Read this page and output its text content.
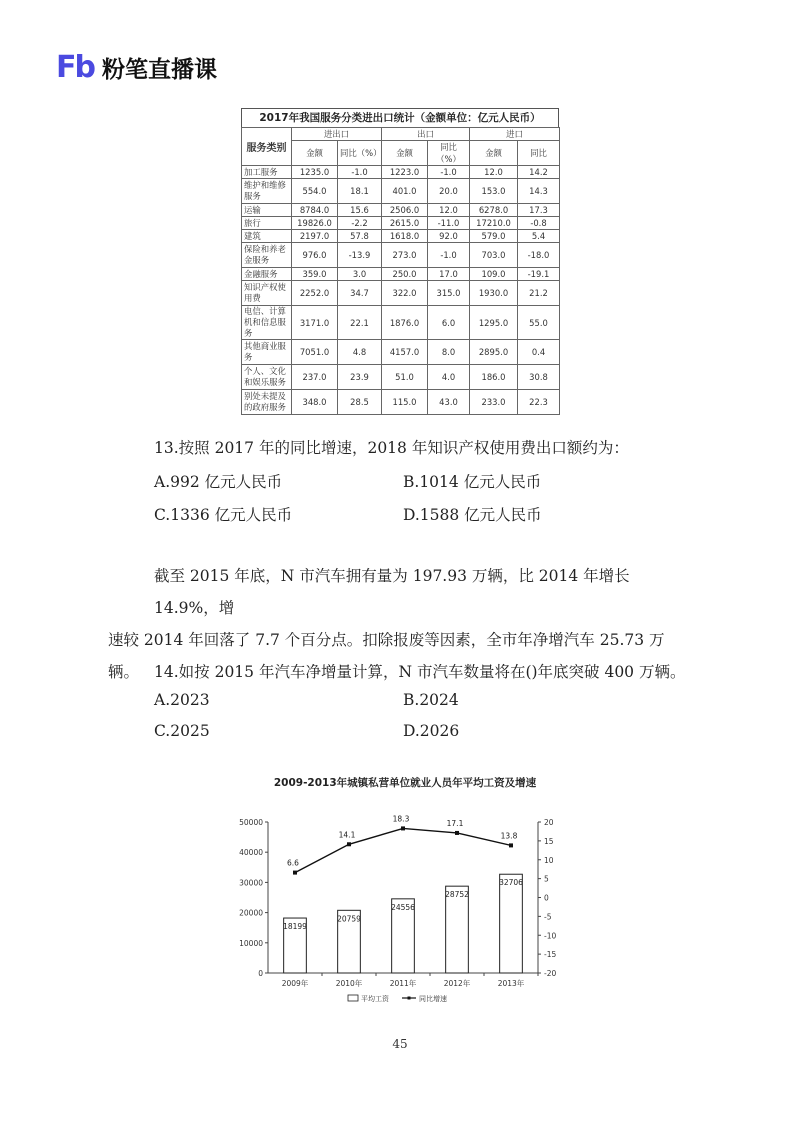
Fb 粉笔直播课
2017年我国服务分类进出口统计（金额单位：亿元人民币）
服务类别	进出口		出口		进口	
	金额	同比（%）	金额	同比（%）	金额	同比
加工服务	1235.0	-1.0	1223.0	-1.0	12.0	14.2
维护和维修服务	554.0	18.1	401.0	20.0	153.0	14.3
运输	8784.0	15.6	2506.0	12.0	6278.0	17.3
旅行	19826.0	-2.2	2615.0	-11.0	17210.0	-0.8
建筑	2197.0	57.8	1618.0	92.0	579.0	5.4
保险和养老金服务	976.0	-13.9	273.0	-1.0	703.0	-18.0
金融服务	359.0	3.0	250.0	17.0	109.0	-19.1
知识产权使用费	2252.0	34.7	322.0	315.0	1930.0	21.2
电信、计算机和信息服务	3171.0	22.1	1876.0	6.0	1295.0	55.0
其他商业服务	7051.0	4.8	4157.0	8.0	2895.0	0.4
个人、文化和娱乐服务	237.0	23.9	51.0	4.0	186.0	30.8
别处未提及的政府服务	348.0	28.5	115.0	43.0	233.0	22.3
13.按照 2017 年的同比增速，2018 年知识产权使用费出口额约为：
A.992 亿元人民币	B.1014 亿元人民币
C.1336 亿元人民币	D.1588 亿元人民币
截至 2015 年底，N 市汽车拥有量为 197.93 万辆，比 2014 年增长 14.9%，增
速较 2014 年回落了 7.7 个百分点。扣除报废等因素，全市年净增汽车 25.73 万
辆。 14.如按 2015 年汽车净增量计算，N 市汽车数量将在()年底突破 400 万辆。
A.2023	B.2024
C.2025	D.2026
2009-2013年城镇私营单位就业人员年平均工资及增速
0
10000
20000
30000
40000
50000
-20
-15
-10
-5
0
5
10
15
20
18199
20759
24556
28752
32706
2009年	2010年	2011年	2012年	2013年
6.6
14.1
18.3
17.1
13.8
平均工资	同比增速
45
